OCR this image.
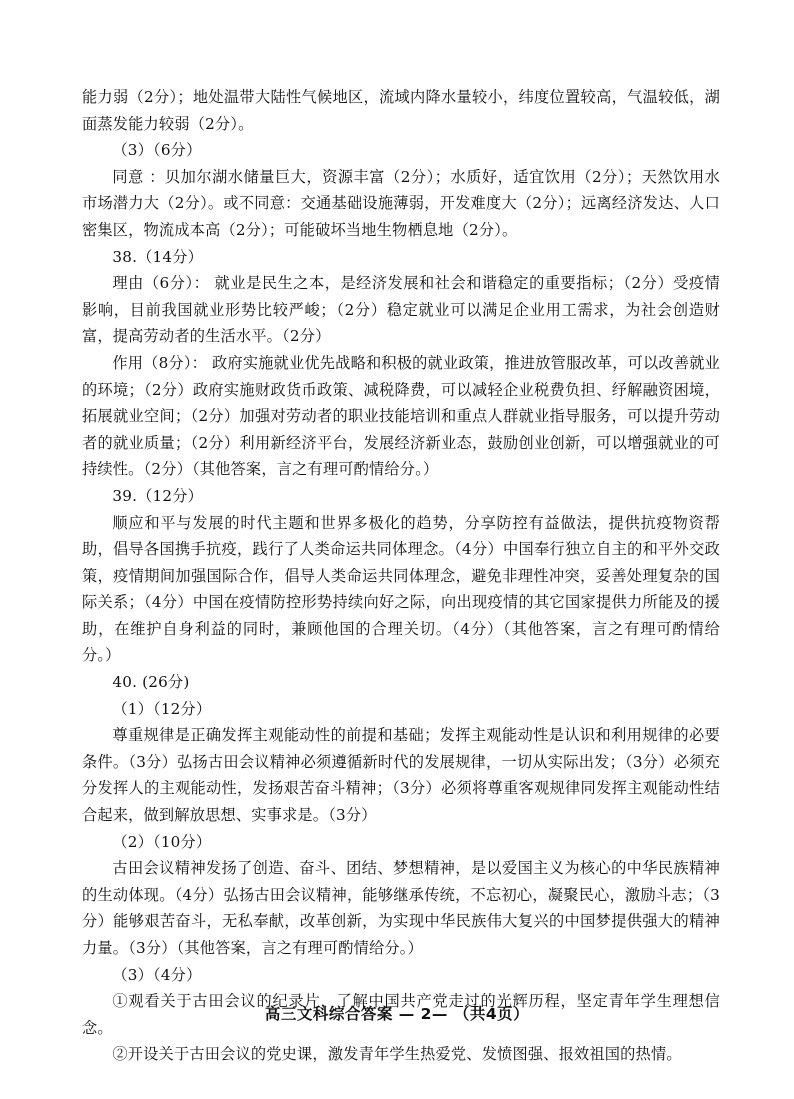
能力弱（2分）；地处温带大陆性气候地区，流域内降水量较小，纬度位置较高，气温较低，湖面蒸发能力较弱（2分）。

（3）（6分）

同意 ：贝加尔湖水储量巨大，资源丰富（2分）；水质好，适宜饮用（2分）；天然饮用水市场潜力大（2分）。或不同意：交通基础设施薄弱，开发难度大（2分）；远离经济发达、人口密集区，物流成本高（2分）；可能破坏当地生物栖息地（2分）。

38.（14分）

理由（6分）： 就业是民生之本，是经济发展和社会和谐稳定的重要指标；（2分）受疫情影响，目前我国就业形势比较严峻；（2分）稳定就业可以满足企业用工需求，为社会创造财富，提高劳动者的生活水平。（2分）

作用（8分）： 政府实施就业优先战略和积极的就业政策，推进放管服改革，可以改善就业的环境；（2分）政府实施财政货币政策、减税降费，可以减轻企业税费负担、纾解融资困境，拓展就业空间；（2分）加强对劳动者的职业技能培训和重点人群就业指导服务，可以提升劳动者的就业质量；（2分）利用新经济平台，发展经济新业态，鼓励创业创新，可以增强就业的可持续性。（2分）（其他答案，言之有理可酌情给分。）

39.（12分）

顺应和平与发展的时代主题和世界多极化的趋势，分享防控有益做法，提供抗疫物资帮助，倡导各国携手抗疫，践行了人类命运共同体理念。（4分）中国奉行独立自主的和平外交政策，疫情期间加强国际合作，倡导人类命运共同体理念，避免非理性冲突，妥善处理复杂的国际关系；（4分）中国在疫情防控形势持续向好之际，向出现疫情的其它国家提供力所能及的援助，在维护自身利益的同时，兼顾他国的合理关切。（4分）（其他答案，言之有理可酌情给分。）

40. (26分)

（1）（12分）

尊重规律是正确发挥主观能动性的前提和基础；发挥主观能动性是认识和利用规律的必要条件。（3分）弘扬古田会议精神必须遵循新时代的发展规律，一切从实际出发；（3分）必须充分发挥人的主观能动性，发扬艰苦奋斗精神；（3分）必须将尊重客观规律同发挥主观能动性结合起来，做到解放思想、实事求是。（3分）

（2）（10分）

古田会议精神发扬了创造、奋斗、团结、梦想精神，是以爱国主义为核心的中华民族精神的生动体现。（4分）弘扬古田会议精神，能够继承传统，不忘初心，凝聚民心，激励斗志；（3分）能够艰苦奋斗，无私奉献，改革创新，为实现中华民族伟大复兴的中国梦提供强大的精神力量。（3分）（其他答案，言之有理可酌情给分。）

（3）（4分）

①观看关于古田会议的纪录片，了解中国共产党走过的光辉历程，坚定青年学生理想信念。

②开设关于古田会议的党史课，激发青年学生热爱党、发愤图强、报效祖国的热情。

高三文科综合答案 — 2— （共4页）
